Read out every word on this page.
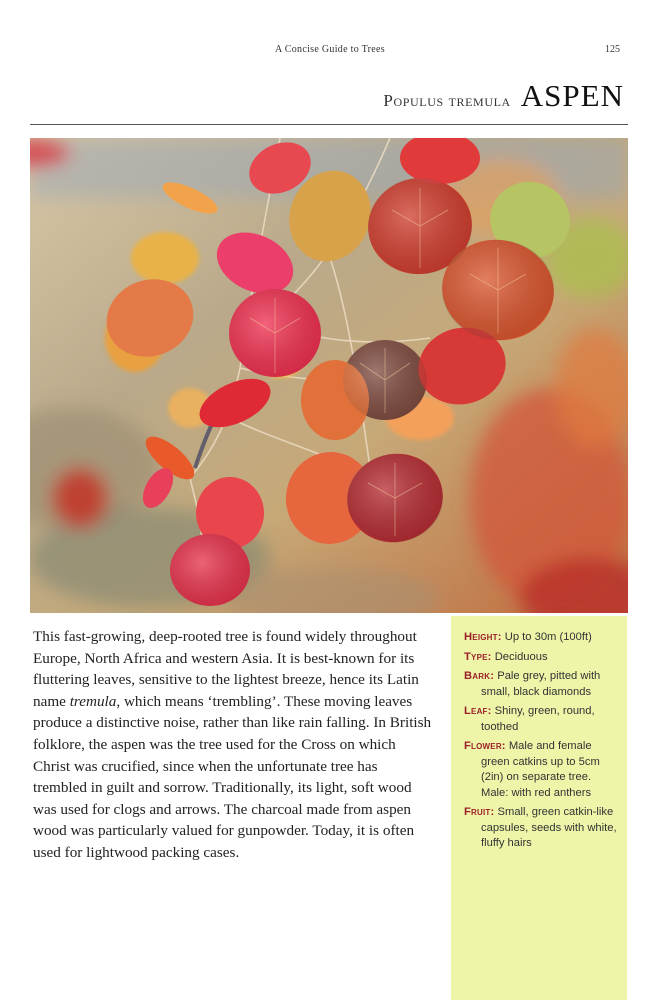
A Concise Guide to Trees	125
Populus tremula ASPEN

This fast-growing, deep-rooted tree is found widely throughout Europe, North Africa and western Asia. It is best-known for its fluttering leaves, sensitive to the lightest breeze, hence its Latin name tremula, which means ‘trembling’. These moving leaves produce a distinctive noise, rather than like rain falling. In British folklore, the aspen was the tree used for the Cross on which Christ was crucified, since when the unfortunate tree has trembled in guilt and sorrow. Traditionally, its light, soft wood was used for clogs and arrows. The charcoal made from aspen wood was particularly valued for gunpowder. Today, it is often used for lightwood packing cases.

Height: Up to 30m (100ft)

Type: Deciduous

Bark: Pale grey, pitted with small, black diamonds

Leaf: Shiny, green, round, toothed

Flower: Male and female green catkins up to 5cm (2in) on separate tree. Male: with red anthers

Fruit: Small, green catkin-like capsules, seeds with white, fluffy hairs
